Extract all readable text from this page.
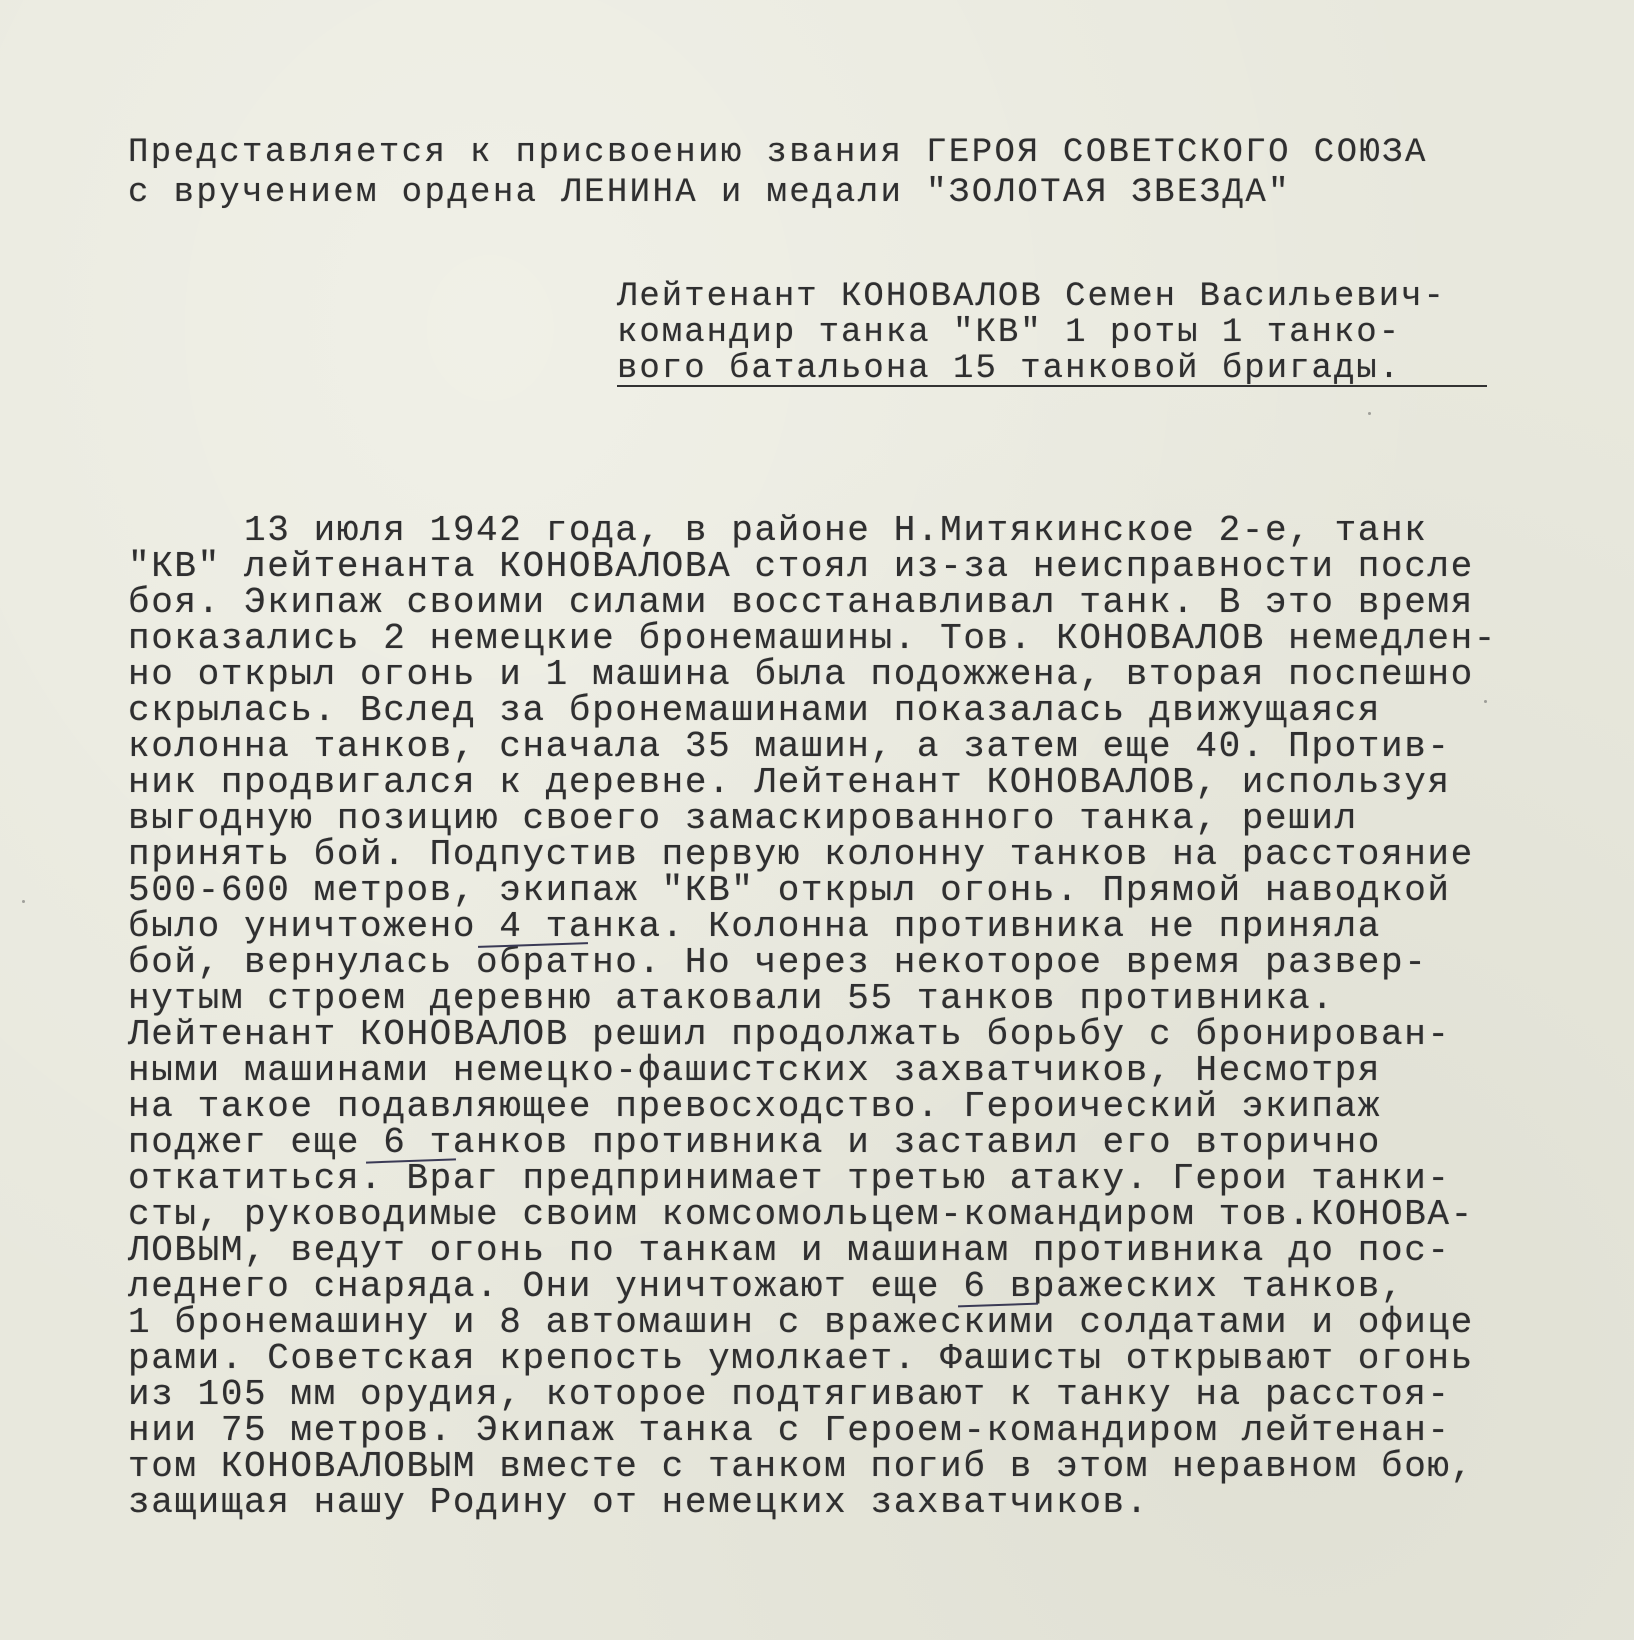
Представляется к присвоению звания ГЕРОЯ СОВЕТСКОГО СОЮЗА
с вручением ордена ЛЕНИНА и медали "ЗОЛОТАЯ ЗВЕЗДА"
Лейтенант КОНОВАЛОВ Семен Васильевич-
командир танка "КВ" 1 роты 1 танко-
вого батальона 15 танковой бригады.
13 июля 1942 года, в районе Н.Митякинское 2-е, танк
"КВ" лейтенанта КОНОВАЛОВА стоял из-за неисправности после
боя. Экипаж своими силами восстанавливал танк. В это время
показались 2 немецкие бронемашины. Тов. КОНОВАЛОВ немедлен-
но открыл огонь и 1 машина была подожжена, вторая поспешно
скрылась. Вслед за бронемашинами показалась движущаяся
колонна танков, сначала 35 машин, а затем еще 40. Против-
ник продвигался к деревне. Лейтенант КОНОВАЛОВ, используя
выгодную позицию своего замаскированного танка, решил
принять бой. Подпустив первую колонну танков на расстояние
500-600 метров, экипаж "КВ" открыл огонь. Прямой наводкой
было уничтожено 4 танка. Колонна противника не приняла
бой, вернулась обратно. Но через некоторое время развер-
нутым строем деревню атаковали 55 танков противника.
Лейтенант КОНОВАЛОВ решил продолжать борьбу с бронирован-
ными машинами немецко-фашистских захватчиков, Несмотря
на такое подавляющее превосходство. Героический экипаж
поджег еще 6 танков противника и заставил его вторично
откатиться. Враг предпринимает третью атаку. Герои танки-
сты, руководимые своим комсомольцем-командиром тов.КОНОВА-
ЛОВЫМ, ведут огонь по танкам и машинам противника до пос-
леднего снаряда. Они уничтожают еще 6 вражеских танков,
1 бронемашину и 8 автомашин с вражескими солдатами и офице
рами. Советская крепость умолкает. Фашисты открывают огонь
из 105 мм орудия, которое подтягивают к танку на расстоя-
нии 75 метров. Экипаж танка с Героем-командиром лейтенан-
том КОНОВАЛОВЫМ вместе с танком погиб в этом неравном бою,
защищая нашу Родину от немецких захватчиков.
